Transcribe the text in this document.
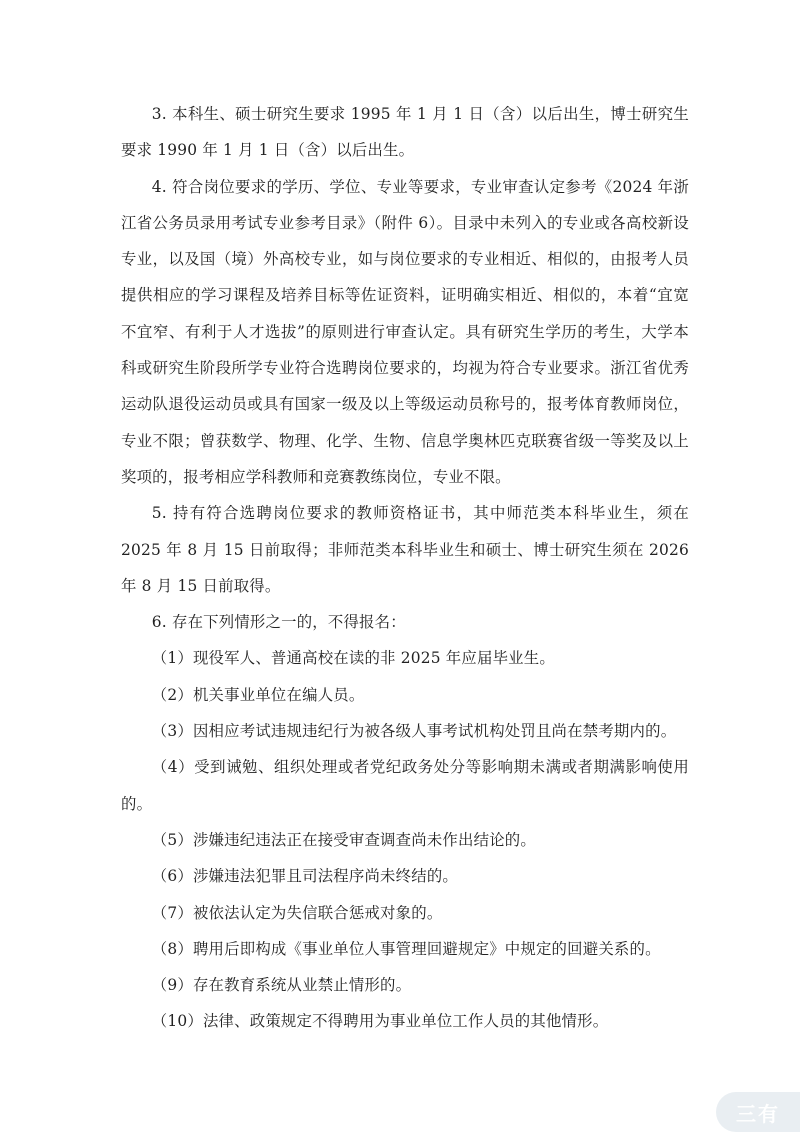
3. 本科生、硕士研究生要求 1995 年 1 月 1 日（含）以后出生，博士研究生要求 1990 年 1 月 1 日（含）以后出生。

4. 符合岗位要求的学历、学位、专业等要求，专业审查认定参考《2024 年浙江省公务员录用考试专业参考目录》（附件 6）。目录中未列入的专业或各高校新设专业，以及国（境）外高校专业，如与岗位要求的专业相近、相似的，由报考人员提供相应的学习课程及培养目标等佐证资料，证明确实相近、相似的，本着“宜宽不宜窄、有利于人才选拔”的原则进行审查认定。具有研究生学历的考生，大学本科或研究生阶段所学专业符合选聘岗位要求的，均视为符合专业要求。浙江省优秀运动队退役运动员或具有国家一级及以上等级运动员称号的，报考体育教师岗位，专业不限；曾获数学、物理、化学、生物、信息学奥林匹克联赛省级一等奖及以上奖项的，报考相应学科教师和竞赛教练岗位，专业不限。

5. 持有符合选聘岗位要求的教师资格证书，其中师范类本科毕业生，须在 2025 年 8 月 15 日前取得；非师范类本科毕业生和硕士、博士研究生须在 2026 年 8 月 15 日前取得。

6. 存在下列情形之一的，不得报名：

（1）现役军人、普通高校在读的非 2025 年应届毕业生。

（2）机关事业单位在编人员。

（3）因相应考试违规违纪行为被各级人事考试机构处罚且尚在禁考期内的。

（4）受到诫勉、组织处理或者党纪政务处分等影响期未满或者期满影响使用的。

（5）涉嫌违纪违法正在接受审查调查尚未作出结论的。

（6）涉嫌违法犯罪且司法程序尚未终结的。

（7）被依法认定为失信联合惩戒对象的。

（8）聘用后即构成《事业单位人事管理回避规定》中规定的回避关系的。

（9）存在教育系统从业禁止情形的。

（10）法律、政策规定不得聘用为事业单位工作人员的其他情形。

三有
